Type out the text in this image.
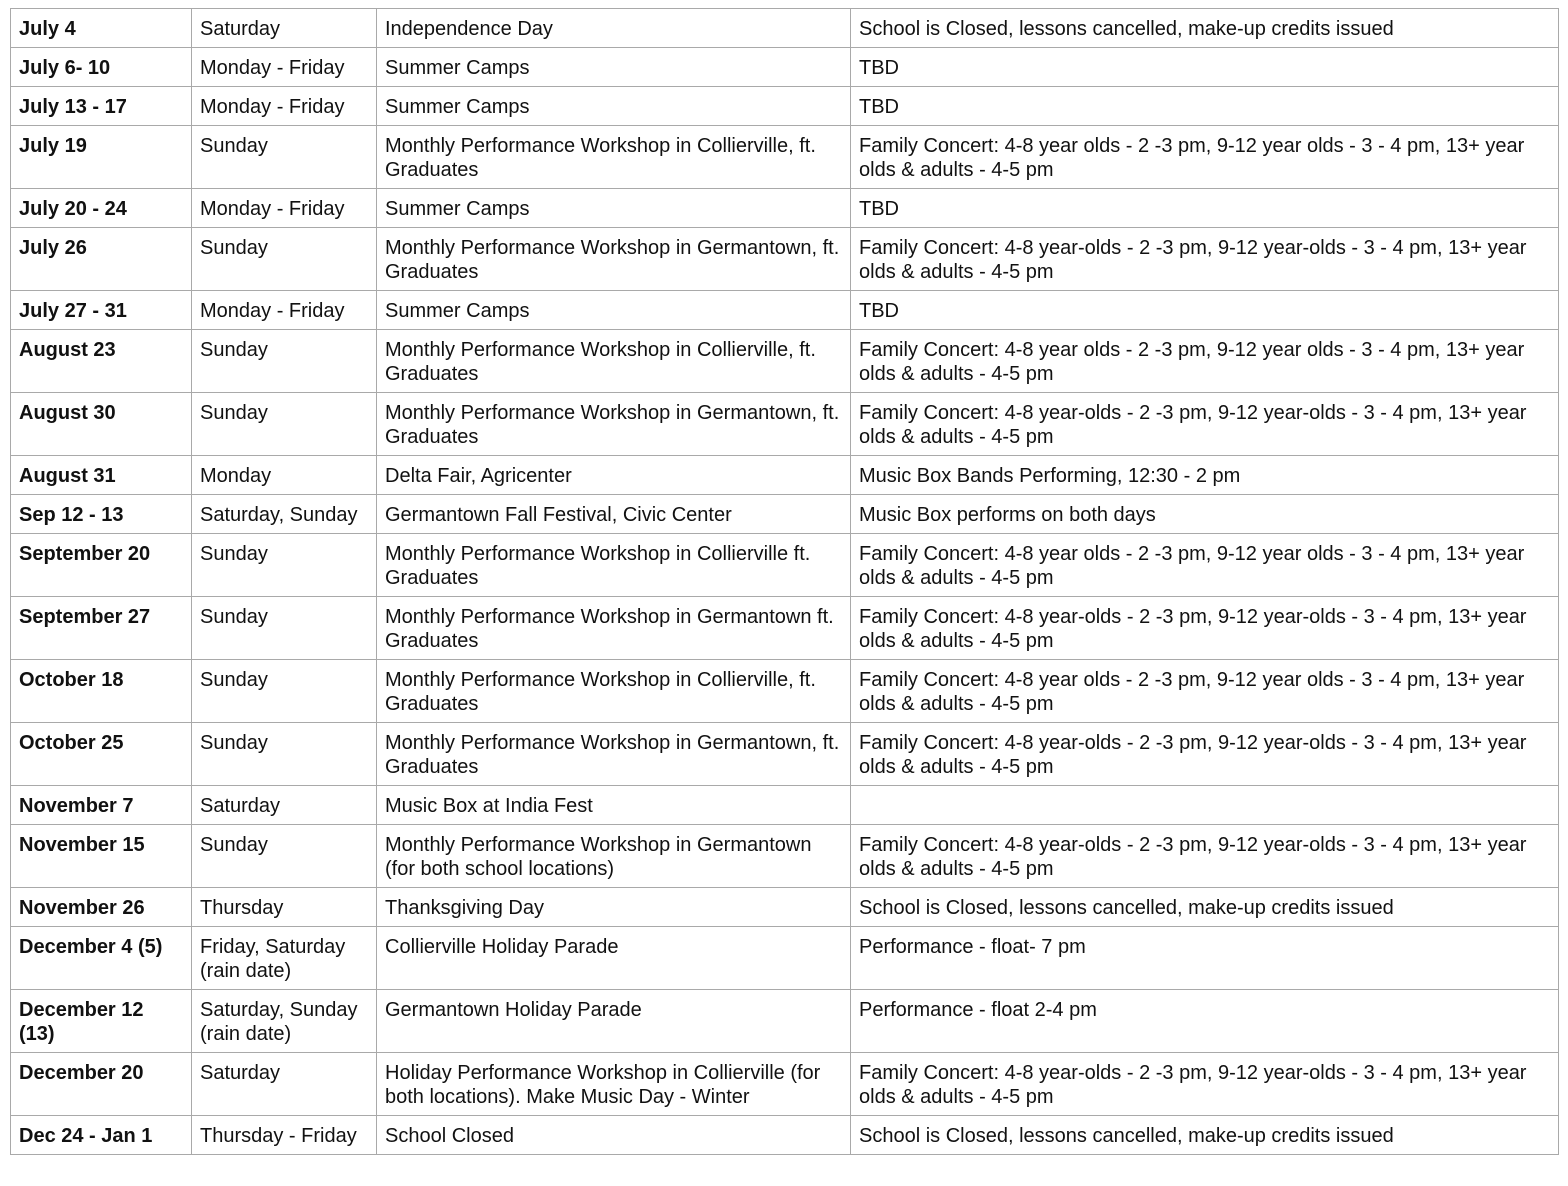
July 4	Saturday	Independence Day	School is Closed, lessons cancelled, make-up credits issued
July 6- 10	Monday - Friday	Summer Camps	TBD
July 13 - 17	Monday - Friday	Summer Camps	TBD
July 19	Sunday	Monthly Performance Workshop in Collierville, ft. Graduates	Family Concert: 4-8 year olds - 2 -3 pm, 9-12 year olds - 3 - 4 pm, 13+ year olds & adults - 4-5 pm
July 20 - 24	Monday - Friday	Summer Camps	TBD
July 26	Sunday	Monthly Performance Workshop in Germantown, ft. Graduates	Family Concert: 4-8 year-olds - 2 -3 pm, 9-12 year-olds - 3 - 4 pm, 13+ year olds & adults - 4-5 pm
July 27 - 31	Monday - Friday	Summer Camps	TBD
August 23	Sunday	Monthly Performance Workshop in Collierville, ft. Graduates	Family Concert: 4-8 year olds - 2 -3 pm, 9-12 year olds - 3 - 4 pm, 13+ year olds & adults - 4-5 pm
August 30	Sunday	Monthly Performance Workshop in Germantown, ft. Graduates	Family Concert: 4-8 year-olds - 2 -3 pm, 9-12 year-olds - 3 - 4 pm, 13+ year olds & adults - 4-5 pm
August 31	Monday	Delta Fair, Agricenter	Music Box Bands Performing, 12:30 - 2 pm
Sep 12 - 13	Saturday, Sunday	Germantown Fall Festival, Civic Center	Music Box performs on both days
September 20	Sunday	Monthly Performance Workshop in Collierville ft. Graduates	Family Concert: 4-8 year olds - 2 -3 pm, 9-12 year olds - 3 - 4 pm, 13+ year olds & adults - 4-5 pm
September 27	Sunday	Monthly Performance Workshop in Germantown ft. Graduates	Family Concert: 4-8 year-olds - 2 -3 pm, 9-12 year-olds - 3 - 4 pm, 13+ year olds & adults - 4-5 pm
October 18	Sunday	Monthly Performance Workshop in Collierville, ft. Graduates	Family Concert: 4-8 year olds - 2 -3 pm, 9-12 year olds - 3 - 4 pm, 13+ year olds & adults - 4-5 pm
October 25	Sunday	Monthly Performance Workshop in Germantown, ft. Graduates	Family Concert: 4-8 year-olds - 2 -3 pm, 9-12 year-olds - 3 - 4 pm, 13+ year olds & adults - 4-5 pm
November 7	Saturday	Music Box at India Fest	
November 15	Sunday	Monthly Performance Workshop in Germantown (for both school locations)	Family Concert: 4-8 year-olds - 2 -3 pm, 9-12 year-olds - 3 - 4 pm, 13+ year olds & adults - 4-5 pm
November 26	Thursday	Thanksgiving Day	School is Closed, lessons cancelled, make-up credits issued
December 4 (5)	Friday, Saturday (rain date)	Collierville Holiday Parade	Performance - float- 7 pm
December 12 (13)	Saturday, Sunday (rain date)	Germantown Holiday Parade	Performance - float 2-4 pm
December 20	Saturday	Holiday Performance Workshop in Collierville (for both locations). Make Music Day - Winter	Family Concert: 4-8 year-olds - 2 -3 pm, 9-12 year-olds - 3 - 4 pm, 13+ year olds & adults - 4-5 pm
Dec 24 - Jan 1	Thursday - Friday	School Closed	School is Closed, lessons cancelled, make-up credits issued
